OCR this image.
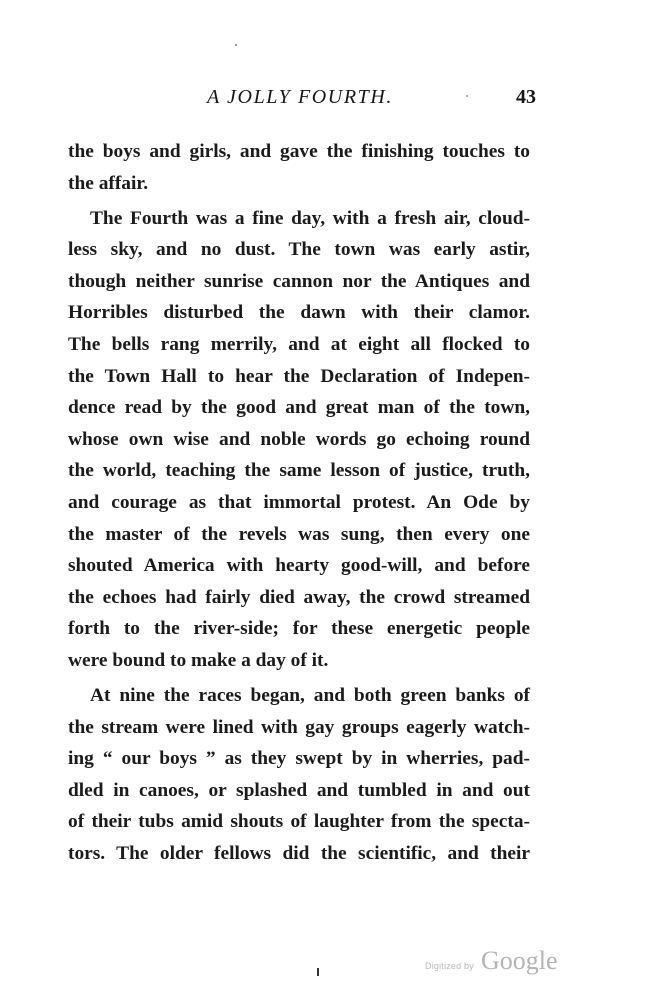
A JOLLY FOURTH.	43
the boys and girls, and gave the finishing touches to
the affair.
The Fourth was a fine day, with a fresh air, cloud-
less sky, and no dust. The town was early astir,
though neither sunrise cannon nor the Antiques and
Horribles disturbed the dawn with their clamor.
The bells rang merrily, and at eight all flocked to
the Town Hall to hear the Declaration of Indepen-
dence read by the good and great man of the town,
whose own wise and noble words go echoing round
the world, teaching the same lesson of justice, truth,
and courage as that immortal protest. An Ode by
the master of the revels was sung, then every one
shouted America with hearty good-will, and before
the echoes had fairly died away, the crowd streamed
forth to the river-side; for these energetic people
were bound to make a day of it.
At nine the races began, and both green banks of
the stream were lined with gay groups eagerly watch-
ing “ our boys ” as they swept by in wherries, pad-
dled in canoes, or splashed and tumbled in and out
of their tubs amid shouts of laughter from the specta-
tors. The older fellows did the scientific, and their
Digitized by Google
